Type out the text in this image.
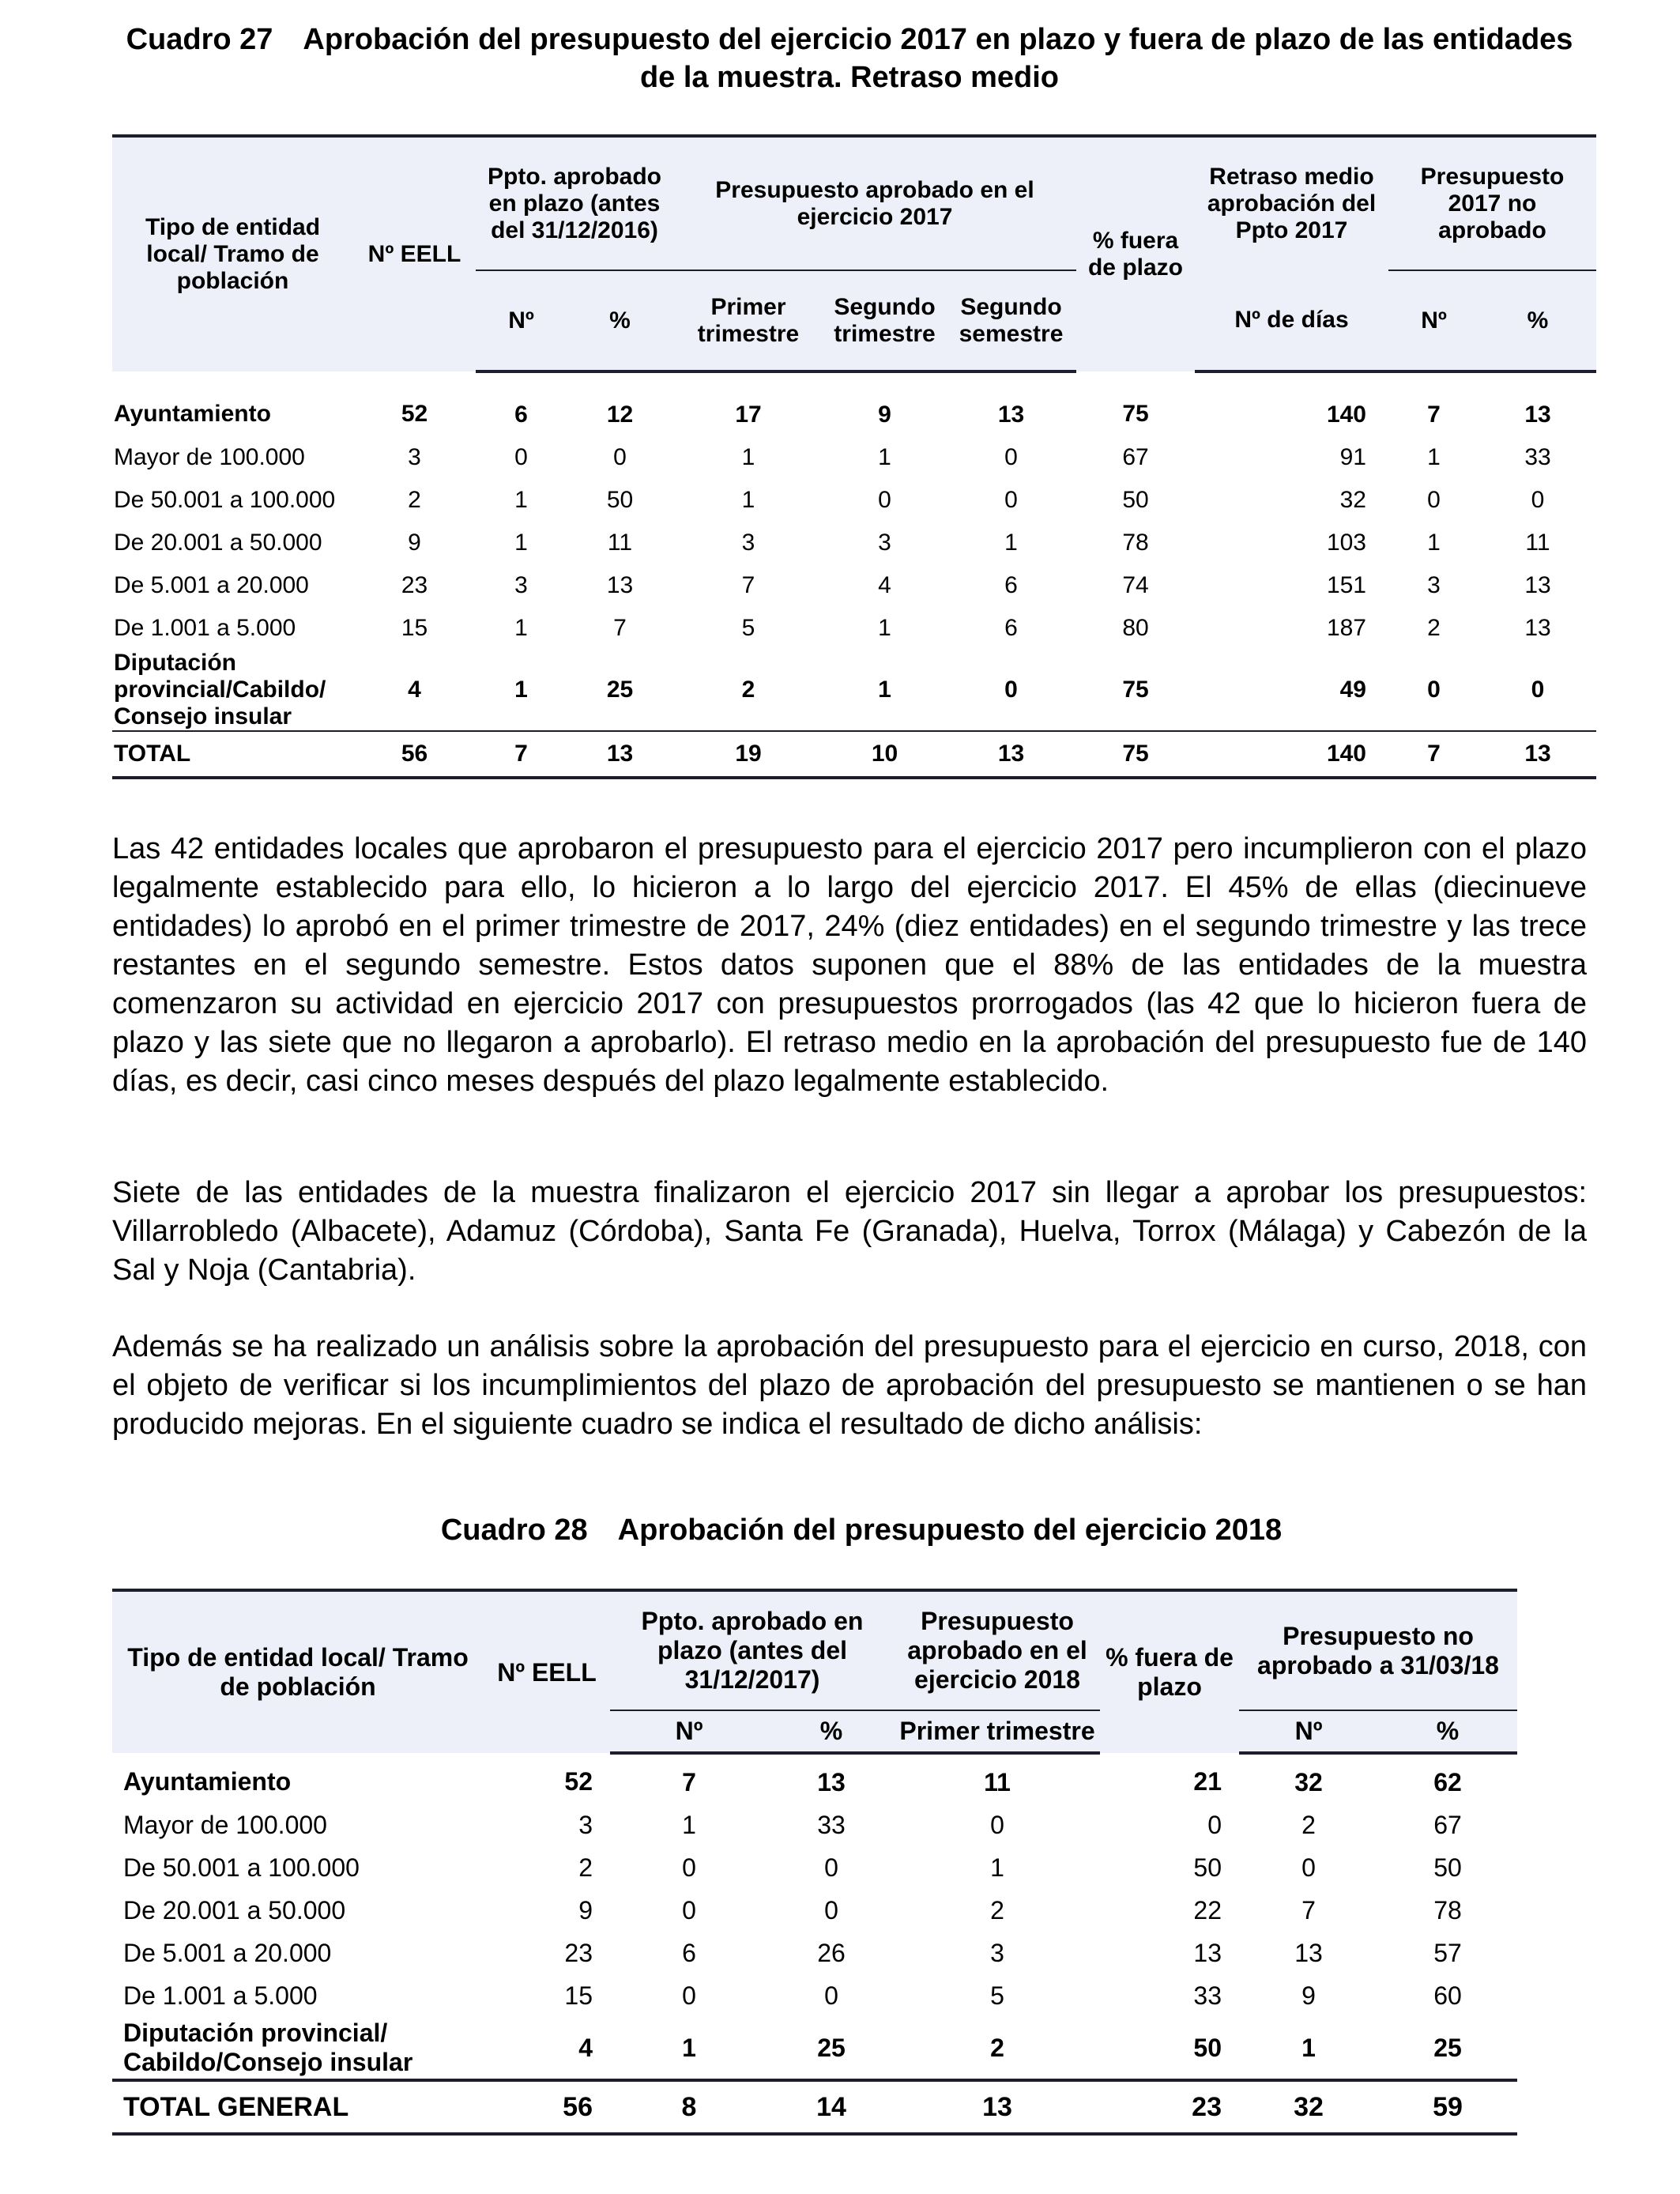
Cuadro 27 Aprobación del presupuesto del ejercicio 2017 en plazo y fuera de plazo de las entidades de la muestra. Retraso medio
Tipo de entidad local/ Tramo de población	Nº EELL	Ppto. aprobado en plazo (antes del 31/12/2016)		Presupuesto aprobado en el ejercicio 2017			% fuera de plazo	Retraso medio aprobación del Ppto 2017	Presupuesto 2017 no aprobado	
		Nº	%	Primer trimestre	Segundo trimestre	Segundo semestre		Nº de días	Nº	%
Ayuntamiento	52	6	12	17	9	13	75	140	7	13
Mayor de 100.000	3	0	0	1	1	0	67	91	1	33
De 50.001 a 100.000	2	1	50	1	0	0	50	32	0	0
De 20.001 a 50.000	9	1	11	3	3	1	78	103	1	11
De 5.001 a 20.000	23	3	13	7	4	6	74	151	3	13
De 1.001 a 5.000	15	1	7	5	1	6	80	187	2	13
Diputación provincial/Cabildo/ Consejo insular	4	1	25	2	1	0	75	49	0	0
TOTAL	56	7	13	19	10	13	75	140	7	13

Las 42 entidades locales que aprobaron el presupuesto para el ejercicio 2017 pero incumplieron con el plazo legalmente establecido para ello, lo hicieron a lo largo del ejercicio 2017. El 45% de ellas (diecinueve entidades) lo aprobó en el primer trimestre de 2017, 24% (diez entidades) en el segundo trimestre y las trece restantes en el segundo semestre. Estos datos suponen que el 88% de las entidades de la muestra comenzaron su actividad en ejercicio 2017 con presupuestos prorrogados (las 42 que lo hicieron fuera de plazo y las siete que no llegaron a aprobarlo). El retraso medio en la aprobación del presupuesto fue de 140 días, es decir, casi cinco meses después del plazo legalmente establecido.

Siete de las entidades de la muestra finalizaron el ejercicio 2017 sin llegar a aprobar los presupuestos: Villarrobledo (Albacete), Adamuz (Córdoba), Santa Fe (Granada), Huelva, Torrox (Málaga) y Cabezón de la Sal y Noja (Cantabria).

Además se ha realizado un análisis sobre la aprobación del presupuesto para el ejercicio en curso, 2018, con el objeto de verificar si los incumplimientos del plazo de aprobación del presupuesto se mantienen o se han producido mejoras. En el siguiente cuadro se indica el resultado de dicho análisis:

Cuadro 28 Aprobación del presupuesto del ejercicio 2018
Tipo de entidad local/ Tramo de población	Nº EELL	Ppto. aprobado en plazo (antes del 31/12/2017)		Presupuesto aprobado en el ejercicio 2018	% fuera de plazo	Presupuesto no aprobado a 31/03/18	
		Nº	%	Primer trimestre		Nº	%
Ayuntamiento	52	7	13	11	21	32	62
Mayor de 100.000	3	1	33	0	0	2	67
De 50.001 a 100.000	2	0	0	1	50	0	50
De 20.001 a 50.000	9	0	0	2	22	7	78
De 5.001 a 20.000	23	6	26	3	13	13	57
De 1.001 a 5.000	15	0	0	5	33	9	60
Diputación provincial/ Cabildo/Consejo insular	4	1	25	2	50	1	25
TOTAL GENERAL	56	8	14	13	23	32	59
